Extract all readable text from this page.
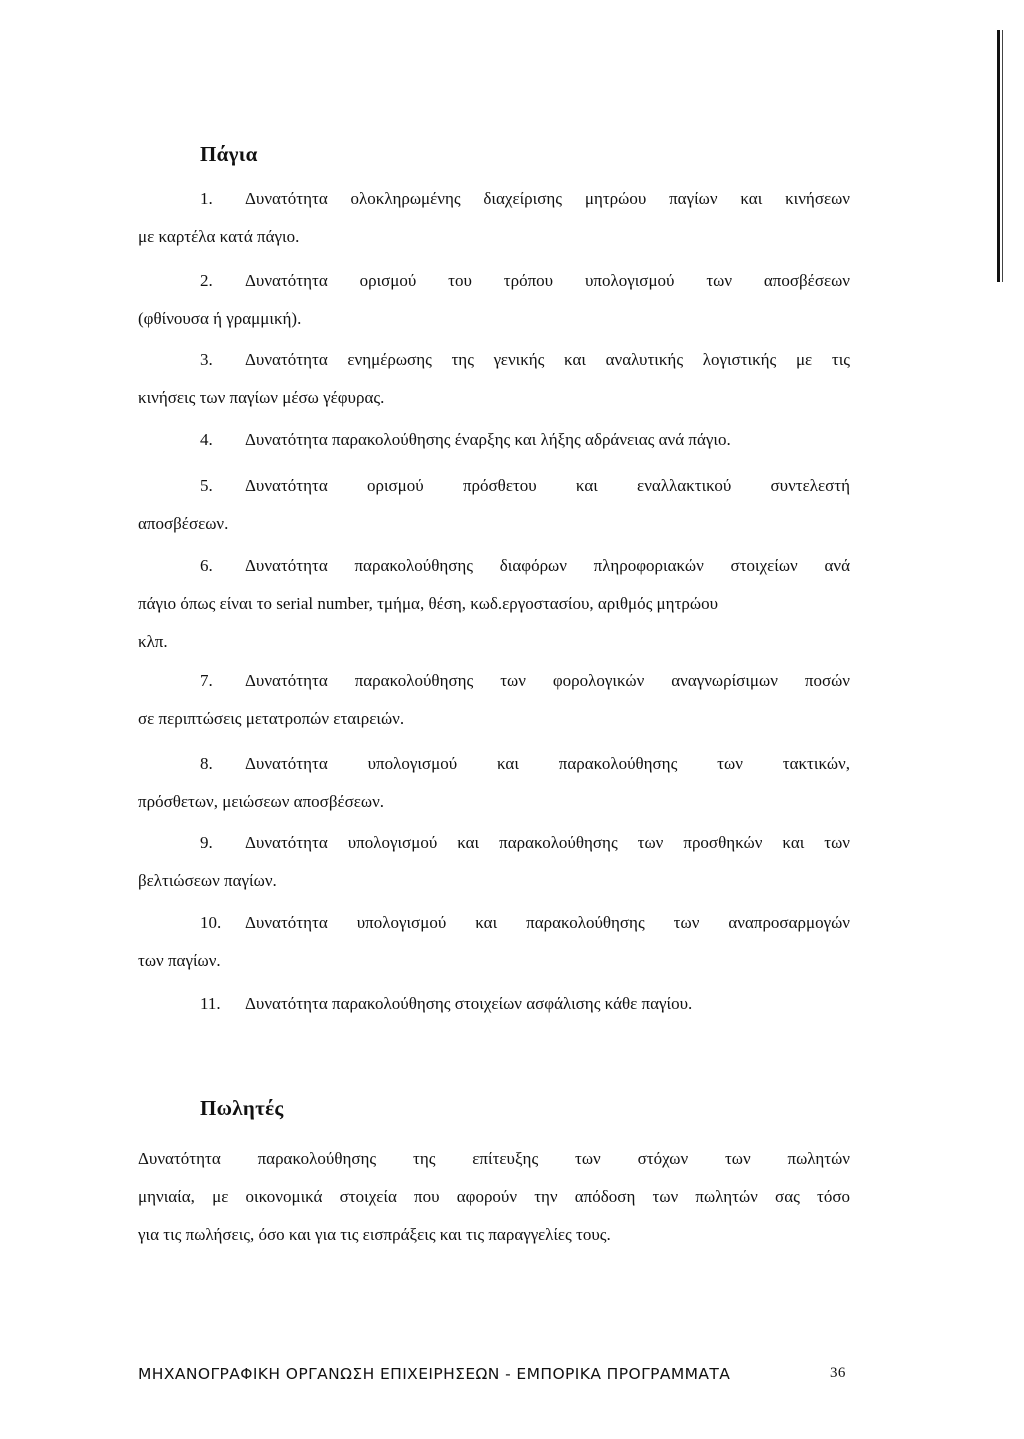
Πάγια
1. Δυνατότητα ολοκληρωμένης διαχείρισης μητρώου παγίων και κινήσεων
με καρτέλα κατά πάγιο.
2. Δυνατότητα ορισμού του τρόπου υπολογισμού των αποσβέσεων
(φθίνουσα ή γραμμική).
3. Δυνατότητα ενημέρωσης της γενικής και αναλυτικής λογιστικής με τις
κινήσεις των παγίων μέσω γέφυρας.
4. Δυνατότητα παρακολούθησης έναρξης και λήξης αδράνειας ανά πάγιο.
5. Δυνατότητα ορισμού πρόσθετου και εναλλακτικού συντελεστή
αποσβέσεων.
6. Δυνατότητα παρακολούθησης διαφόρων πληροφοριακών στοιχείων ανά
πάγιο όπως είναι το serial number, τμήμα, θέση, κωδ.εργοστασίου, αριθμός μητρώου
κλπ.
7. Δυνατότητα παρακολούθησης των φορολογικών αναγνωρίσιμων ποσών
σε περιπτώσεις μετατροπών εταιρειών.
8. Δυνατότητα υπολογισμού και παρακολούθησης των τακτικών,
πρόσθετων, μειώσεων αποσβέσεων.
9. Δυνατότητα υπολογισμού και παρακολούθησης των προσθηκών και των
βελτιώσεων παγίων.
10. Δυνατότητα υπολογισμού και παρακολούθησης των αναπροσαρμογών
των παγίων.
11. Δυνατότητα παρακολούθησης στοιχείων ασφάλισης κάθε παγίου.
Πωλητές
Δυνατότητα παρακολούθησης της επίτευξης των στόχων των πωλητών
μηνιαία, με οικονομικά στοιχεία που αφορούν την απόδοση των πωλητών σας τόσο
για τις πωλήσεις, όσο και για τις εισπράξεις και τις παραγγελίες τους.
ΜΗΧΑΝΟΓΡΑΦΙΚΗ ΟΡΓΑΝΩΣΗ ΕΠΙΧΕΙΡΗΣΕΩΝ - ΕΜΠΟΡΙΚΑ ΠΡΟΓΡΑΜΜΑΤΑ	36
